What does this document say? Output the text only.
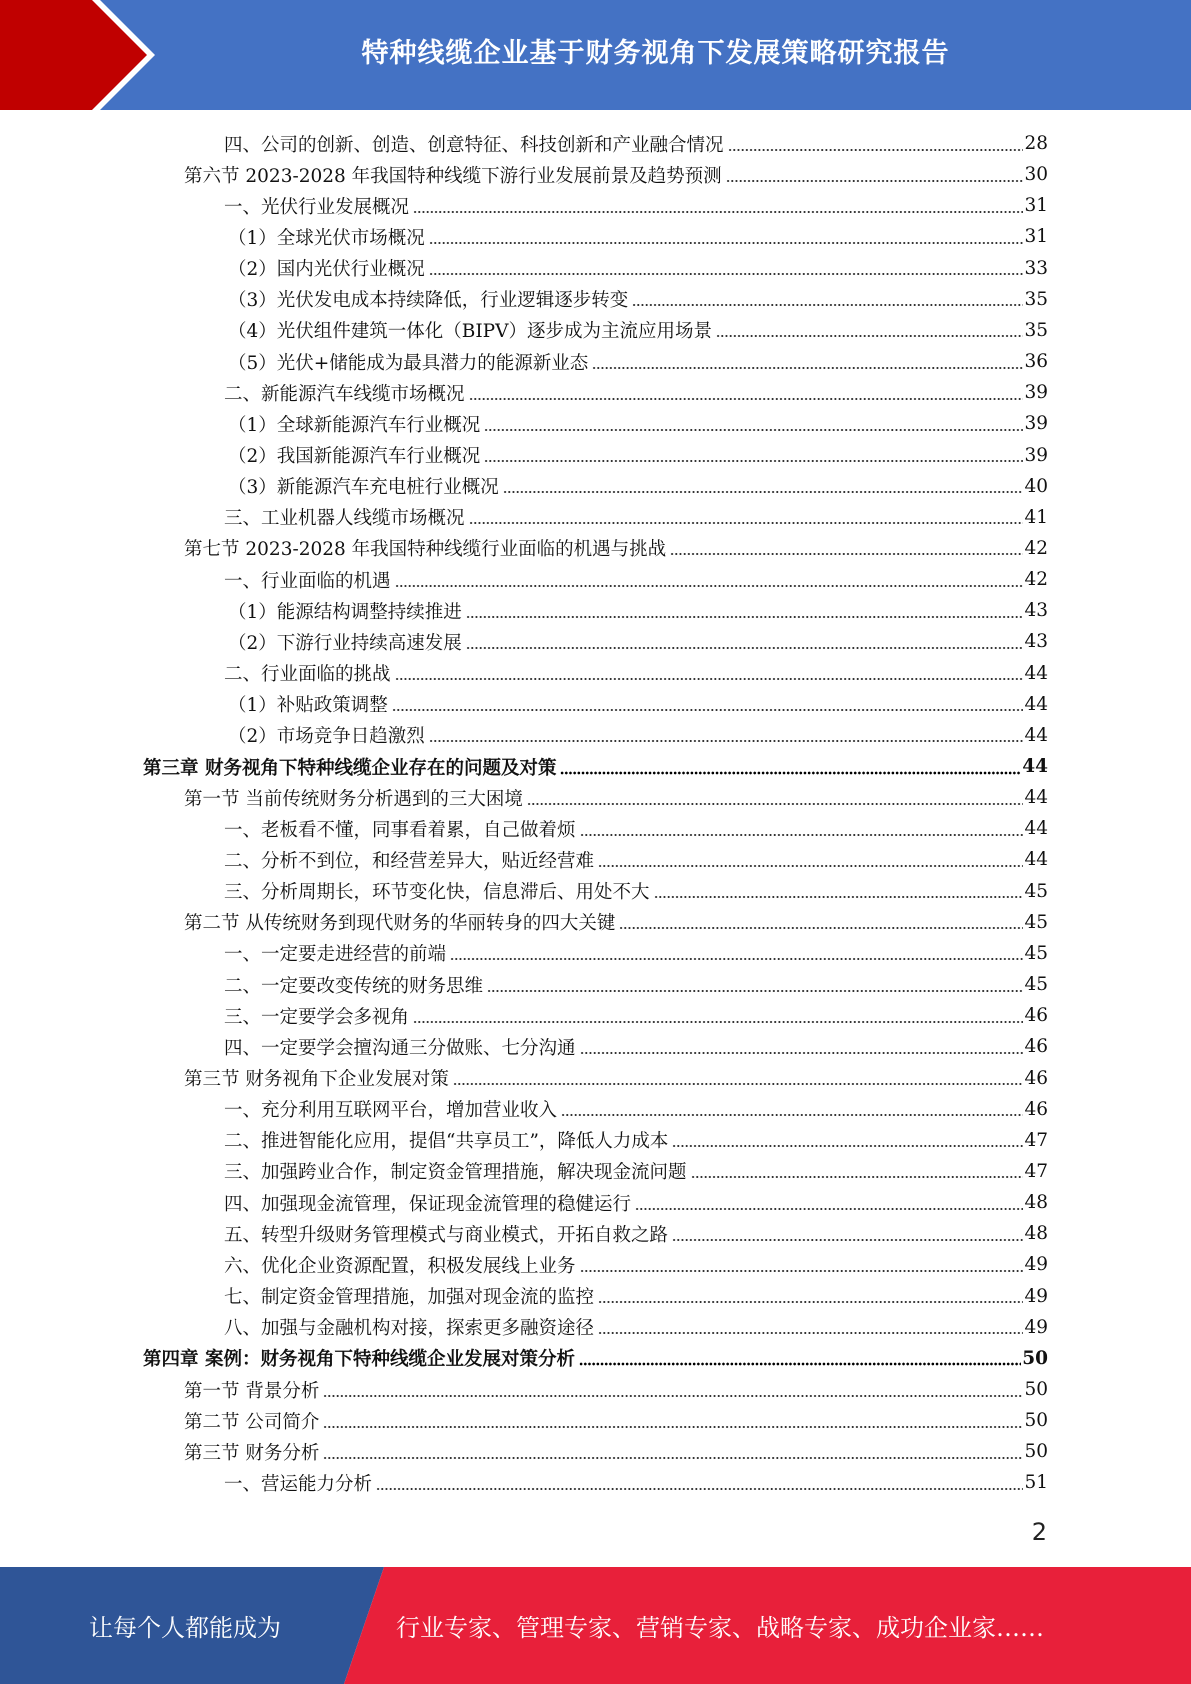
特种线缆企业基于财务视角下发展策略研究报告
四、公司的创新、创造、创意特征、科技创新和产业融合情况	28
第六节 2023-2028 年我国特种线缆下游行业发展前景及趋势预测	30
一、光伏行业发展概况	31
（1）全球光伏市场概况	31
（2）国内光伏行业概况	33
（3）光伏发电成本持续降低，行业逻辑逐步转变	35
（4）光伏组件建筑一体化（BIPV）逐步成为主流应用场景	35
（5）光伏+储能成为最具潜力的能源新业态	36
二、新能源汽车线缆市场概况	39
（1）全球新能源汽车行业概况	39
（2）我国新能源汽车行业概况	39
（3）新能源汽车充电桩行业概况	40
三、工业机器人线缆市场概况	41
第七节 2023-2028 年我国特种线缆行业面临的机遇与挑战	42
一、行业面临的机遇	42
（1）能源结构调整持续推进	43
（2）下游行业持续高速发展	43
二、行业面临的挑战	44
（1）补贴政策调整	44
（2）市场竞争日趋激烈	44
第三章 财务视角下特种线缆企业存在的问题及对策	44
第一节 当前传统财务分析遇到的三大困境	44
一、老板看不懂，同事看着累，自己做着烦	44
二、分析不到位，和经营差异大，贴近经营难	44
三、分析周期长，环节变化快，信息滞后、用处不大	45
第二节 从传统财务到现代财务的华丽转身的四大关键	45
一、一定要走进经营的前端	45
二、一定要改变传统的财务思维	45
三、一定要学会多视角	46
四、一定要学会擅沟通三分做账、七分沟通	46
第三节 财务视角下企业发展对策	46
一、充分利用互联网平台，增加营业收入	46
二、推进智能化应用，提倡“共享员工”，降低人力成本	47
三、加强跨业合作，制定资金管理措施，解决现金流问题	47
四、加强现金流管理，保证现金流管理的稳健运行	48
五、转型升级财务管理模式与商业模式，开拓自救之路	48
六、优化企业资源配置，积极发展线上业务	49
七、制定资金管理措施，加强对现金流的监控	49
八、加强与金融机构对接，探索更多融资途径	49
第四章 案例：财务视角下特种线缆企业发展对策分析	50
第一节 背景分析	50
第二节 公司简介	50
第三节 财务分析	50
一、营运能力分析	51
2
让每个人都能成为	行业专家、管理专家、营销专家、战略专家、成功企业家……
